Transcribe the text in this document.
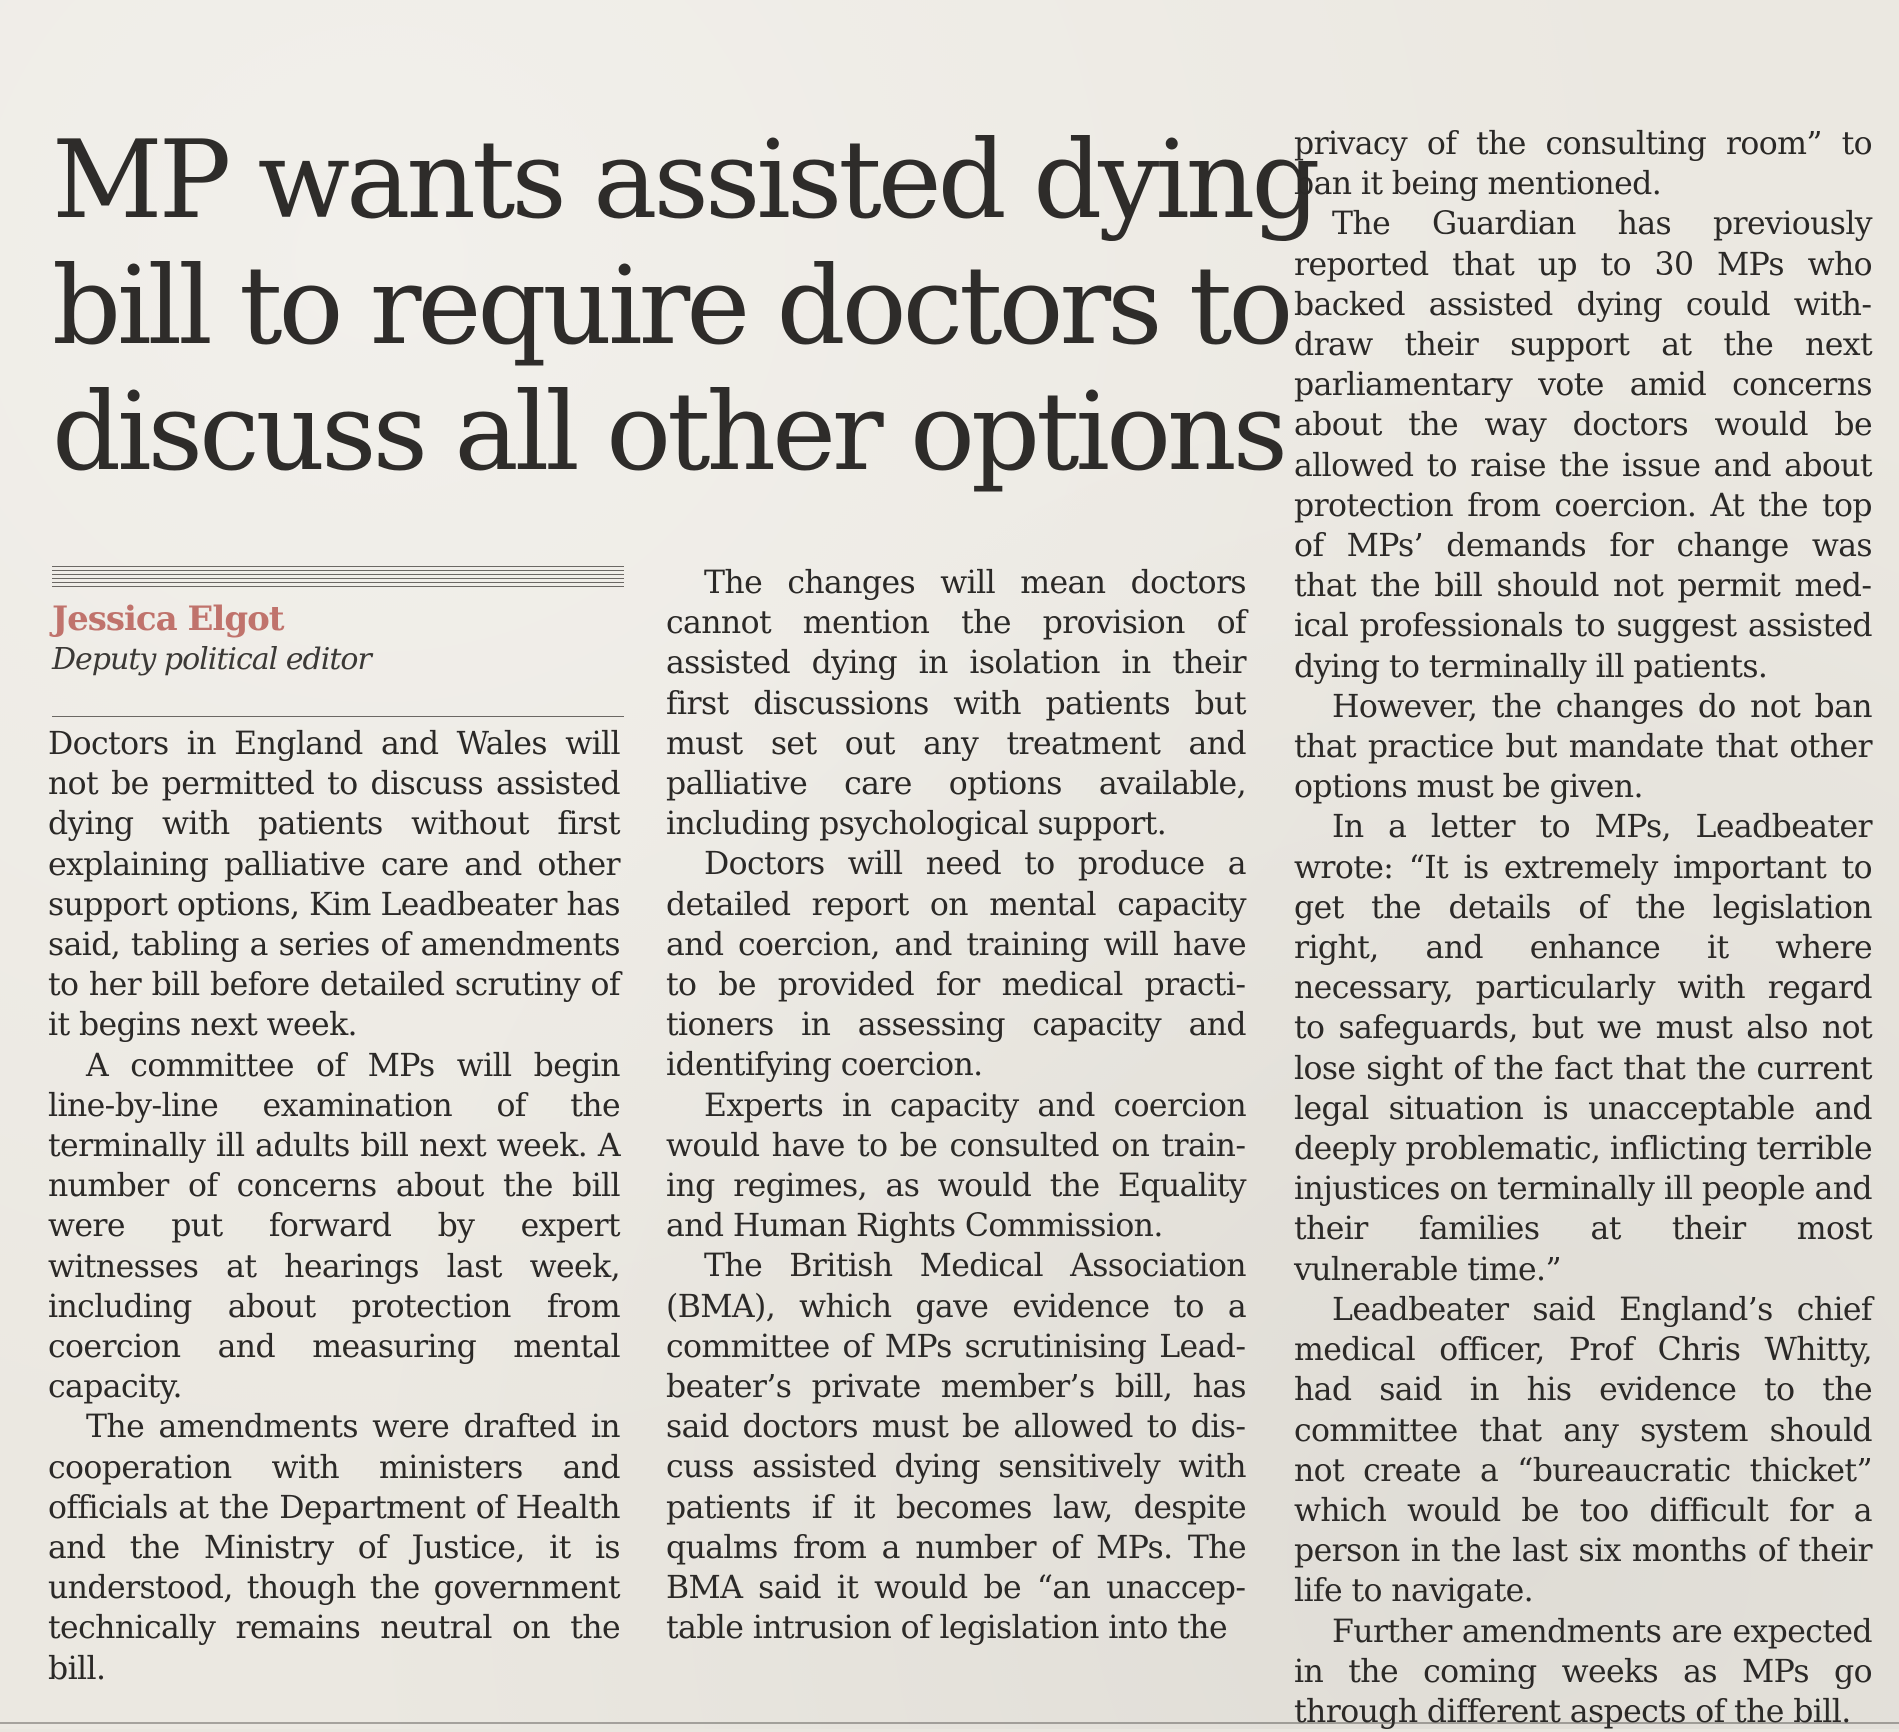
MP wants assisted dying
bill to require doctors to
discuss all other options
Jessica Elgot
Deputy political editor

Doctors in England and Wales will not be permitted to discuss assisted dying with patients without first explaining palliative care and other support options, Kim Leadbeater has said, tabling a series of amendments to her bill before detailed scrutiny of it begins next week.

A committee of MPs will begin line-by-line examination of the terminally ill adults bill next week. A number of concerns about the bill were put forward by expert witnesses at hearings last week, including about protection from coercion and measuring mental capacity.

The amendments were drafted in cooperation with ministers and officials at the Department of Health and the Ministry of Justice, it is understood, though the government technically remains neutral on the bill.

The changes will mean doctors cannot mention the provision of assisted dying in isolation in their first discussions with patients but must set out any treatment and palliative care options available, including psychological support.

Doctors will need to produce a detailed report on mental capacity and coercion, and training will have to be provided for medical practitioners in assessing capacity and identifying coercion.

Experts in capacity and coercion would have to be consulted on training regimes, as would the Equality and Human Rights Commission.

The British Medical Association (BMA), which gave evidence to a committee of MPs scrutinising Leadbeater’s private member’s bill, has said doctors must be allowed to discuss assisted dying sensitively with patients if it becomes law, despite qualms from a number of MPs. The BMA said it would be “an unacceptable intrusion of legislation into the

privacy of the consulting room” to ban it being mentioned.

The Guardian has previously reported that up to 30 MPs who backed assisted dying could withdraw their support at the next parliamentary vote amid concerns about the way doctors would be allowed to raise the issue and about protection from coercion. At the top of MPs’ demands for change was that the bill should not permit medical professionals to suggest assisted dying to terminally ill patients.

However, the changes do not ban that practice but mandate that other options must be given.

In a letter to MPs, Leadbeater wrote: “It is extremely important to get the details of the legislation right, and enhance it where necessary, particularly with regard to safeguards, but we must also not lose sight of the fact that the current legal situation is unacceptable and deeply problematic, inflicting terrible injustices on terminally ill people and their families at their most vulnerable time.”

Leadbeater said England’s chief medical officer, Prof Chris Whitty, had said in his evidence to the committee that any system should not create a “bureaucratic thicket” which would be too difficult for a person in the last six months of their life to navigate.

Further amendments are expected in the coming weeks as MPs go through different aspects of the bill.
